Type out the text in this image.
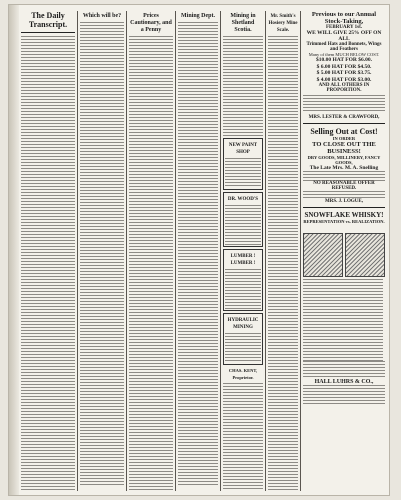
The Daily Transcript.
Which will be?	Prices Cautionary, and a Penny
Mining Dept.	Mining in Shetland Scotia.
NEW PAINT SHOP
DR. WOOD'S
LUMBER ! LUMBER !
HYDRAULIC MINING
CHAS. KENT, Proprietor.
Mr. Smith's Hosiery Mine Scale.
Previous to our Annual Stock-Taking,
FEBRUARY 1st.
WE WILL GIVE 25% OFF ON ALL
Trimmed Hats and Bonnets, Wings and Feathers
Many of them MUCH BELOW COST.
$10.00 HAT FOR $6.00.
$ 6.00 HAT FOR $4.50.
$ 5.00 HAT FOR $3.75.
$ 4.00 HAT FOR $3.00.
AND ALL OTHERS IN PROPORTION.
MRS. LESTER & CRAWFORD,
Selling Out at Cost!
IN ORDER
TO CLOSE OUT THE BUSINESS!
DRY GOODS, MILLINERY, FANCY GOODS,
The Late Mrs. M. A. Snelling
NO REASONABLE OFFER REFUSED.
MRS. J. LOGUE,
SNOWFLAKE WHISKY!
REPRESENTATION vs. REALIZATION.
HALL LUHRS & CO.,
